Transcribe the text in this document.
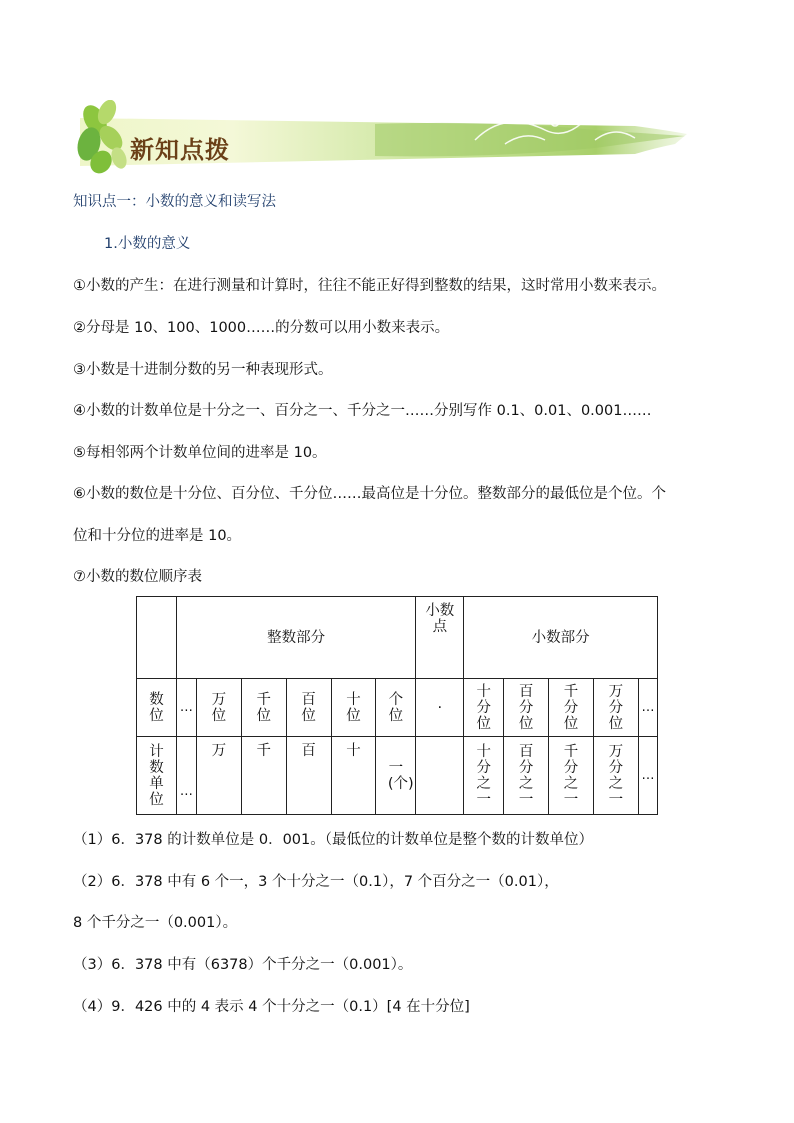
新知点拨
知识点一：小数的意义和读写法
1.小数的意义
①小数的产生：在进行测量和计算时，往往不能正好得到整数的结果，这时常用小数来表示。
②分母是 10、100、1000……的分数可以用小数来表示。
③小数是十进制分数的另一种表现形式。
④小数的计数单位是十分之一、百分之一、千分之一……分别写作 0.1、0.01、0.001……
⑤每相邻两个计数单位间的进率是 10。
⑥小数的数位是十分位、百分位、千分位……最高位是十分位。整数部分的最低位是个位。个
位和十分位的进率是 10。
⑦小数的数位顺序表
	整数部分						小数点	小数部分				
数位	…	万位	千位	百位	十位	个位	·	十分位	百分位	千分位	万分位	…
计数单位	…	万	千	百	十	一(个)		十分之一	百分之一	千分之一	万分之一	…
（1）6．378 的计数单位是 0．001。（最低位的计数单位是整个数的计数单位）
（2）6．378 中有 6 个一，3 个十分之一（0.1），7 个百分之一（0.01），
8 个千分之一（0.001）。
（3）6．378 中有（6378）个千分之一（0.001）。
（4）9．426 中的 4 表示 4 个十分之一（0.1）[4 在十分位]
